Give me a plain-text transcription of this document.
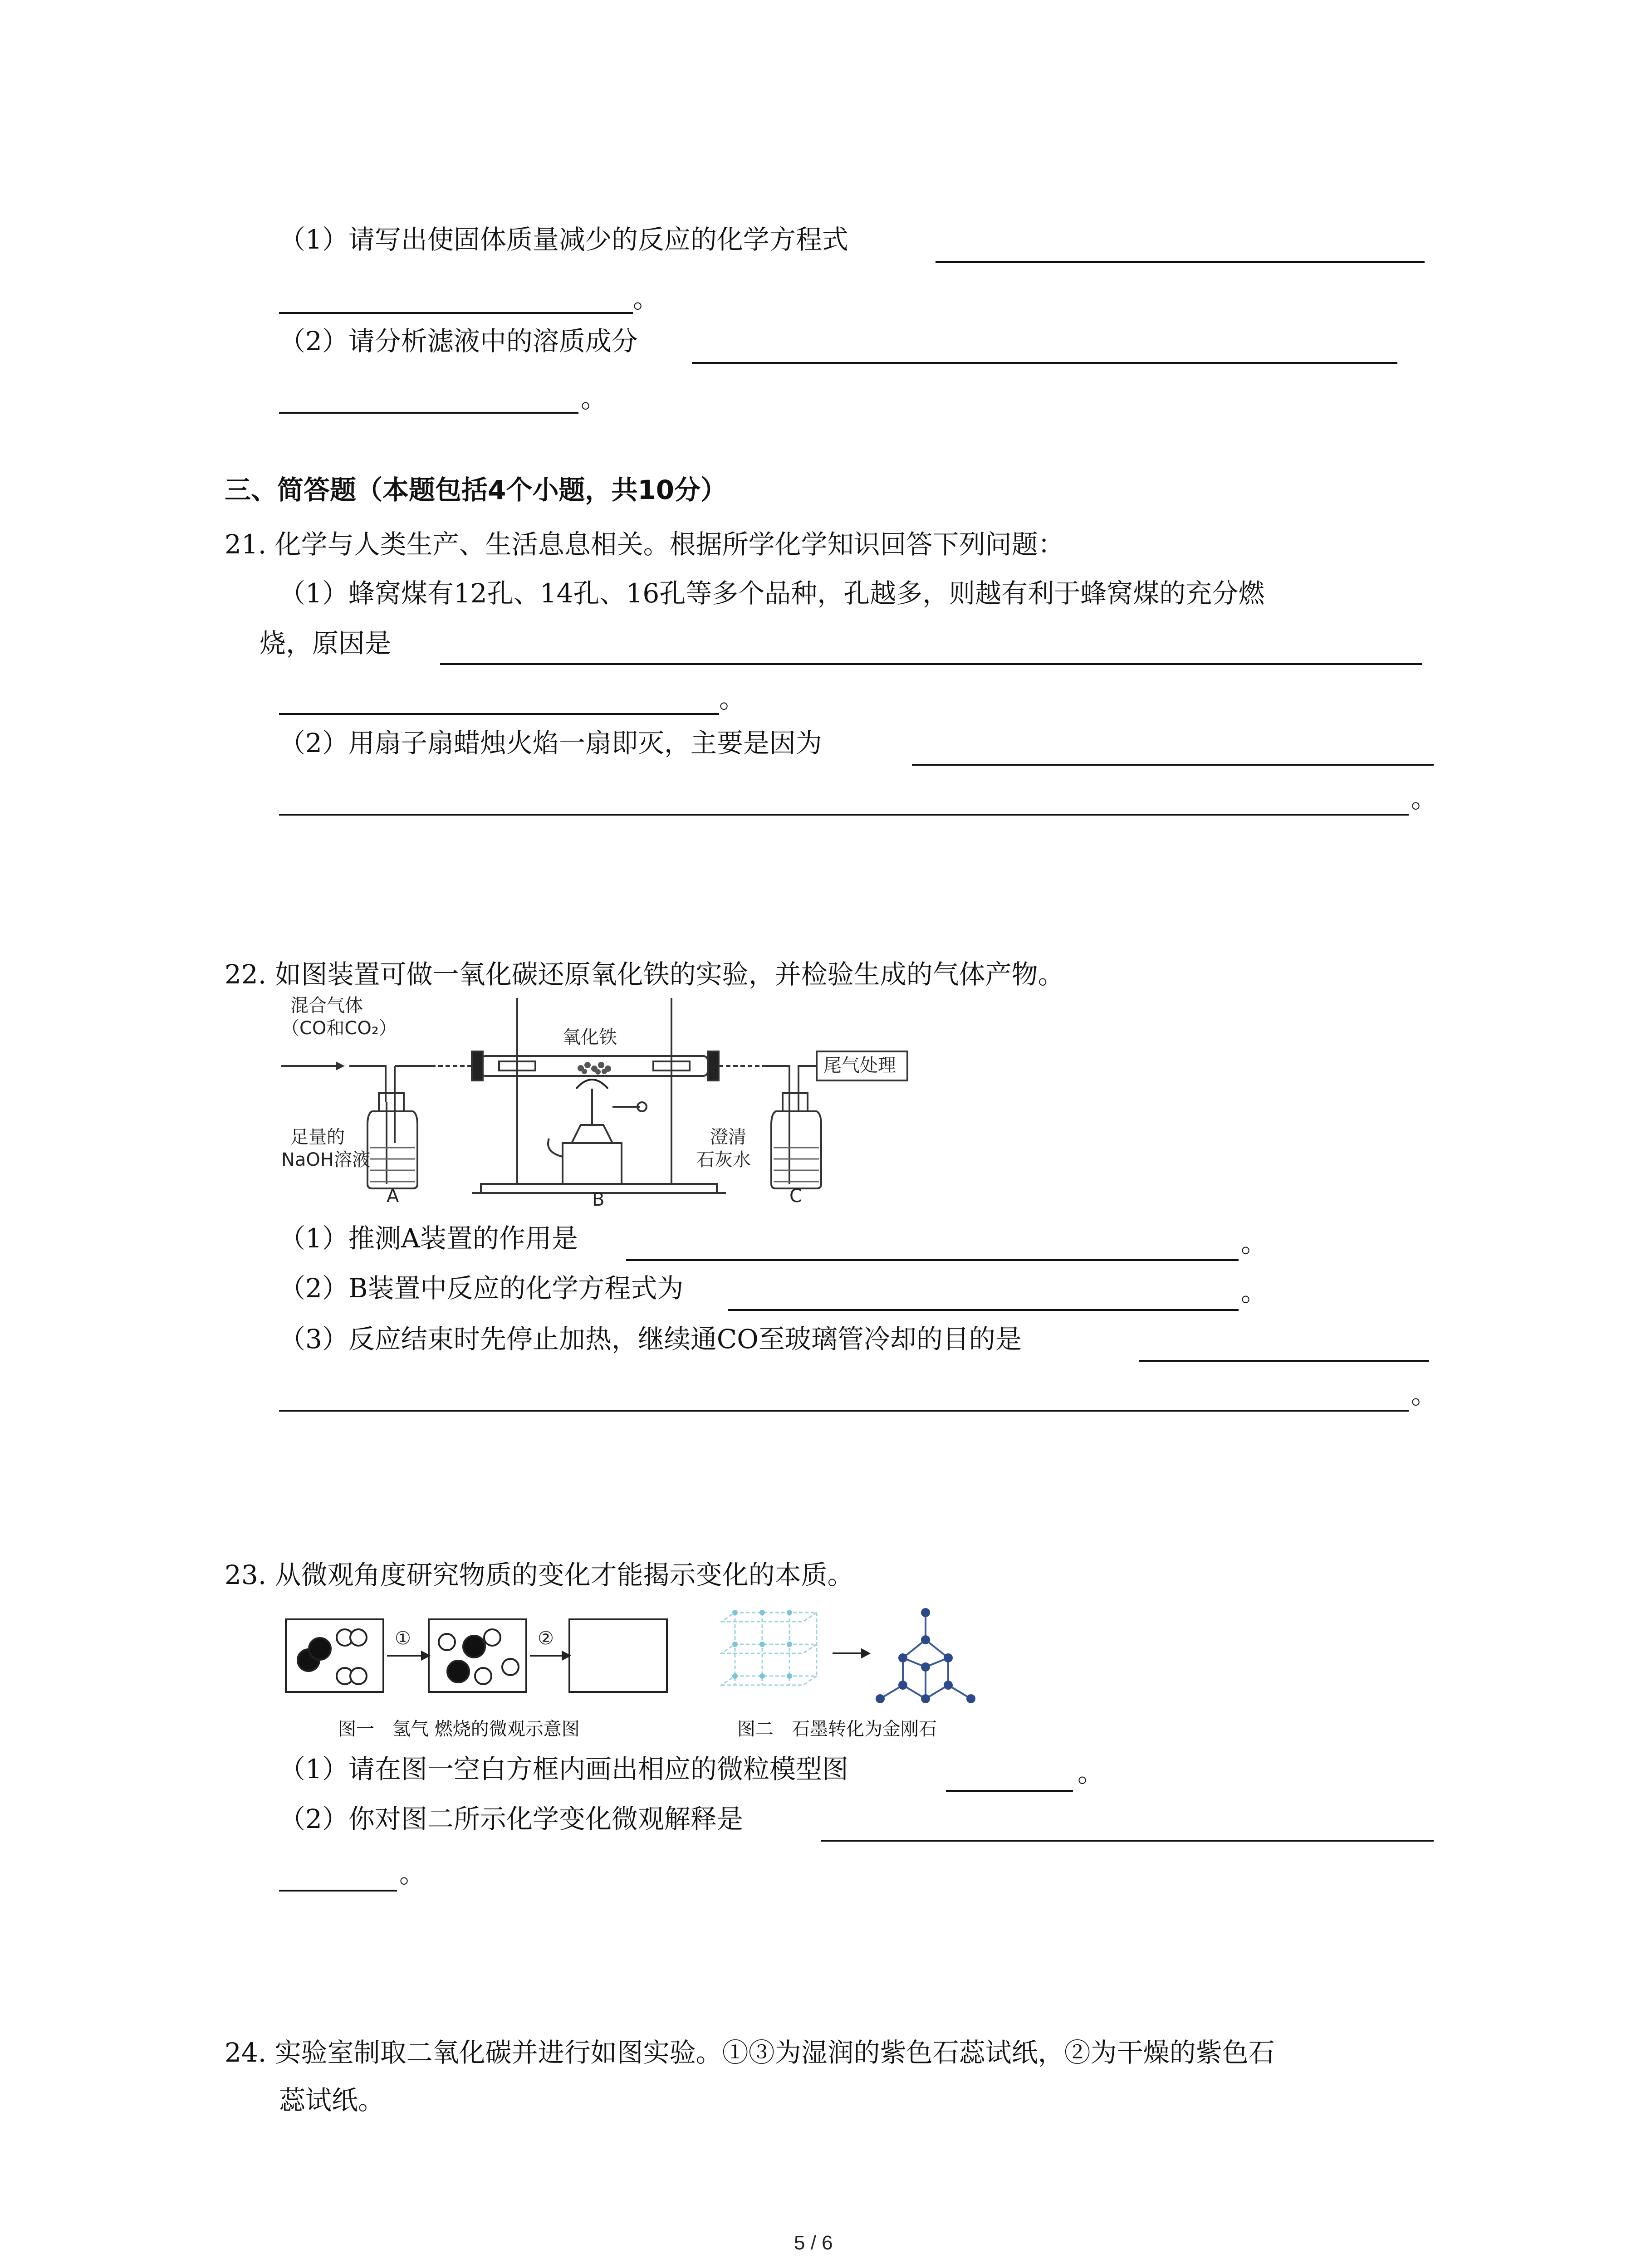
（1）请写出使固体质量减少的反应的化学方程式
。
（2）请分析滤液中的溶质成分
。
三、简答题（本题包括4个小题，共10分）
21. 化学与人类生产、生活息息相关。根据所学化学知识回答下列问题：
（1）蜂窝煤有12孔、14孔、16孔等多个品种，孔越多，则越有利于蜂窝煤的充分燃
烧，原因是
。
（2）用扇子扇蜡烛火焰一扇即灭，主要是因为
。
22. 如图装置可做一氧化碳还原氧化铁的实验，并检验生成的气体产物。
混合气体
（CO和CO₂）	氧化铁
尾气处理
足量的
NaOH溶液
澄清
石灰水
A	B	C
（1）推测A装置的作用是	。
（2）B装置中反应的化学方程式为	。
（3）反应结束时先停止加热，继续通CO至玻璃管冷却的目的是
。
23. 从微观角度研究物质的变化才能揭示变化的本质。
①	②
图一　氢气 燃烧的微观示意图	图二　石墨转化为金刚石
（1）请在图一空白方框内画出相应的微粒模型图	。
（2）你对图二所示化学变化微观解释是
。
24. 实验室制取二氧化碳并进行如图实验。①③为湿润的紫色石蕊试纸，②为干燥的紫色石
蕊试纸。
5 / 6
